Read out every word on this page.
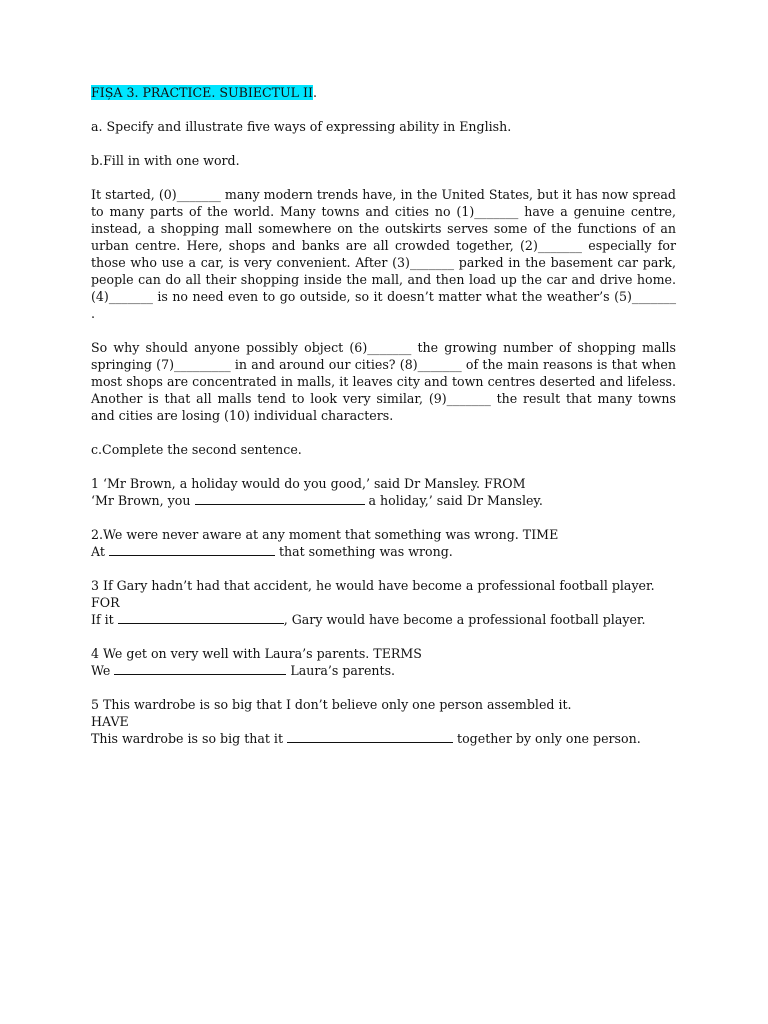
FIȘA 3. PRACTICE. SUBIECTUL II.

a. Specify and illustrate five ways of expressing ability in English.

b.Fill in with one word.

It started, (0)_______ many modern trends have, in the United States, but it has now spread to many parts of the world. Many towns and cities no (1)_______ have a genuine centre, instead, a shopping mall somewhere on the outskirts serves some of the functions of an urban centre. Here, shops and banks are all crowded together, (2)_______ especially for those who use a car, is very convenient. After (3)_______ parked in the basement car park, people can do all their shopping inside the mall, and then load up the car and drive home. (4)_______ is no need even to go outside, so it doesn’t matter what the weather’s (5)_______ .

So why should anyone possibly object (6)_______ the growing number of shopping malls springing (7)_________ in and around our cities? (8)_______ of the main reasons is that when most shops are concentrated in malls, it leaves city and town centres deserted and lifeless. Another is that all malls tend to look very similar, (9)_______ the result that many towns and cities are losing (10) individual characters.

c.Complete the second sentence.

1 ‘Mr Brown, a holiday would do you good,’ said Dr Mansley. FROM
‘Mr Brown, you	a holiday,’ said Dr Mansley.
2.We were never aware at any moment that something was wrong. TIME
At	that something was wrong.
3 If Gary hadn’t had that accident, he would have become a professional football player.
FOR
If it	, Gary would have become a professional football player.
4 We get on very well with Laura’s parents. TERMS
We	Laura’s parents.
5 This wardrobe is so big that I don’t believe only one person assembled it.
HAVE
This wardrobe is so big that it	together by only one person.
